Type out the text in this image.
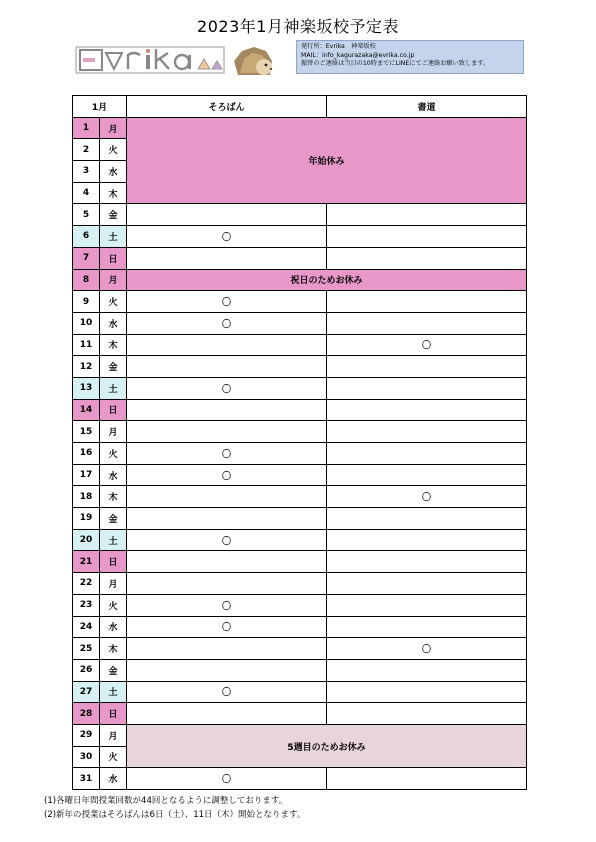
2023年1月神楽坂校予定表
発行所：Evrika　神楽坂校
MAIL：info_kagurazaka@evrika.co.jp
振替のご連絡は当日の10時までにLINEにてご連絡お願い致します。
1月		そろばん	書道
1	月	年始休み	
2	火		
3	水		
4	木		
5	金		
6	土	〇	
7	日		
8	月	祝日のためお休み	
9	火	〇	
10	水	〇	
11	木		〇
12	金		
13	土	〇	
14	日		
15	月		
16	火	〇	
17	水	〇	
18	木		〇
19	金		
20	土	〇	
21	日		
22	月		
23	火	〇	
24	水	〇	
25	木		〇
26	金		
27	土	〇	
28	日		
29	月	5週目のためお休み	
30	火		
31	水	〇	
(1)各曜日年間授業回数が44回となるように調整しております。
(2)新年の授業はそろばんは6日（土）、11日（木）開始となります。
